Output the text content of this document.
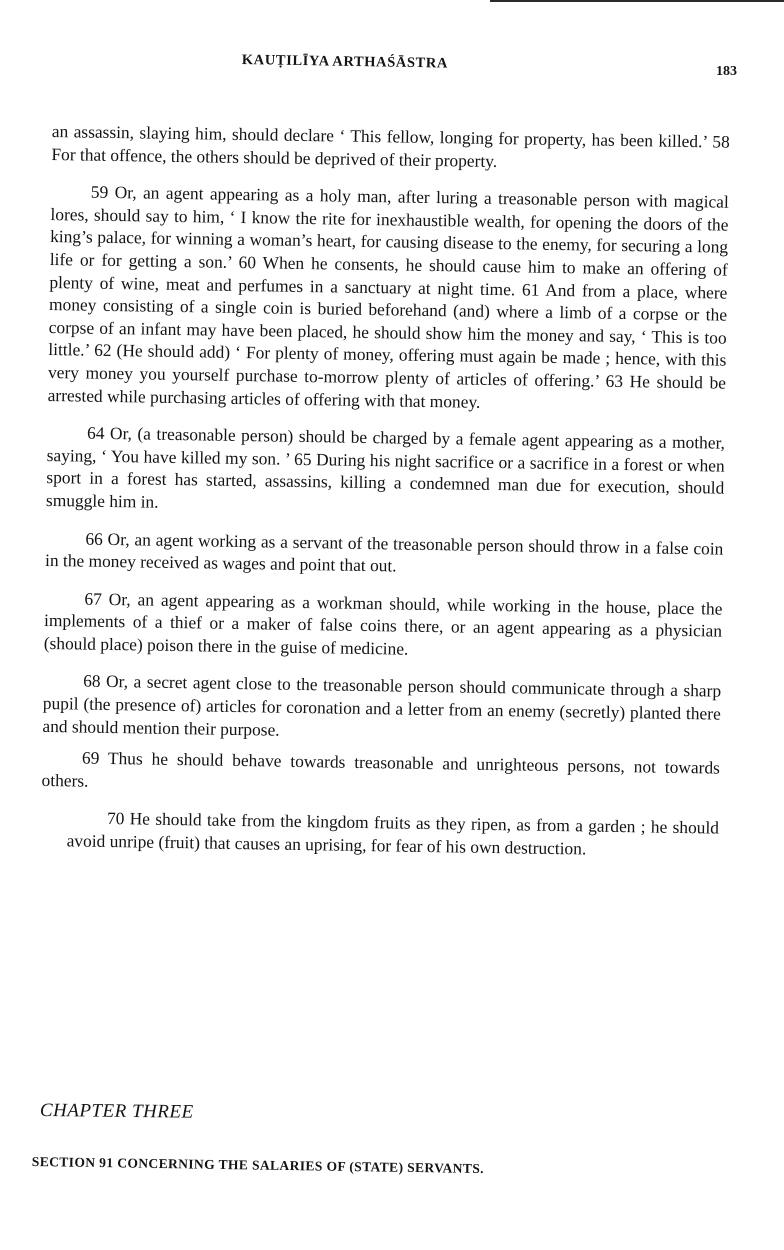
KAUṬILĪYA ARTHAŚĀSTRA	183

an assassin, slaying him, should declare ‘ This fellow, longing for property, has been killed.’ 58 For that offence, the others should be deprived of their property.

59 Or, an agent appearing as a holy man, after luring a treasonable person with magical lores, should say to him, ‘ I know the rite for inexhaustible wealth, for opening the doors of the king’s palace, for winning a woman’s heart, for causing disease to the enemy, for securing a long life or for getting a son.’ 60 When he consents, he should cause him to make an offering of plenty of wine, meat and perfumes in a sanctuary at night time. 61 And from a place, where money consisting of a single coin is buried beforehand (and) where a limb of a corpse or the corpse of an infant may have been placed, he should show him the money and say, ‘ This is too little.’ 62 (He should add) ‘ For plenty of money, offering must again be made ; hence, with this very money you yourself purchase to-morrow plenty of articles of offering.’ 63 He should be arrested while purchasing articles of offering with that money.

64 Or, (a treasonable person) should be charged by a female agent appearing as a mother, saying, ‘ You have killed my son. ’ 65 During his night sacrifice or a sacrifice in a forest or when sport in a forest has started, assassins, killing a condemned man due for execution, should smuggle him in.

66 Or, an agent working as a servant of the treasonable person should throw in a false coin in the money received as wages and point that out.

67 Or, an agent appearing as a workman should, while working in the house, place the implements of a thief or a maker of false coins there, or an agent appearing as a physician (should place) poison there in the guise of medicine.

68 Or, a secret agent close to the treasonable person should communicate through a sharp pupil (the presence of) articles for coronation and a letter from an enemy (secretly) planted there and should mention their purpose.

69 Thus he should behave towards treasonable and unrighteous persons, not towards others.

70 He should take from the kingdom fruits as they ripen, as from a garden ; he should avoid unripe (fruit) that causes an uprising, for fear of his own destruction.

CHAPTER THREE
SECTION 91 CONCERNING THE SALARIES OF (STATE) SERVANTS.
